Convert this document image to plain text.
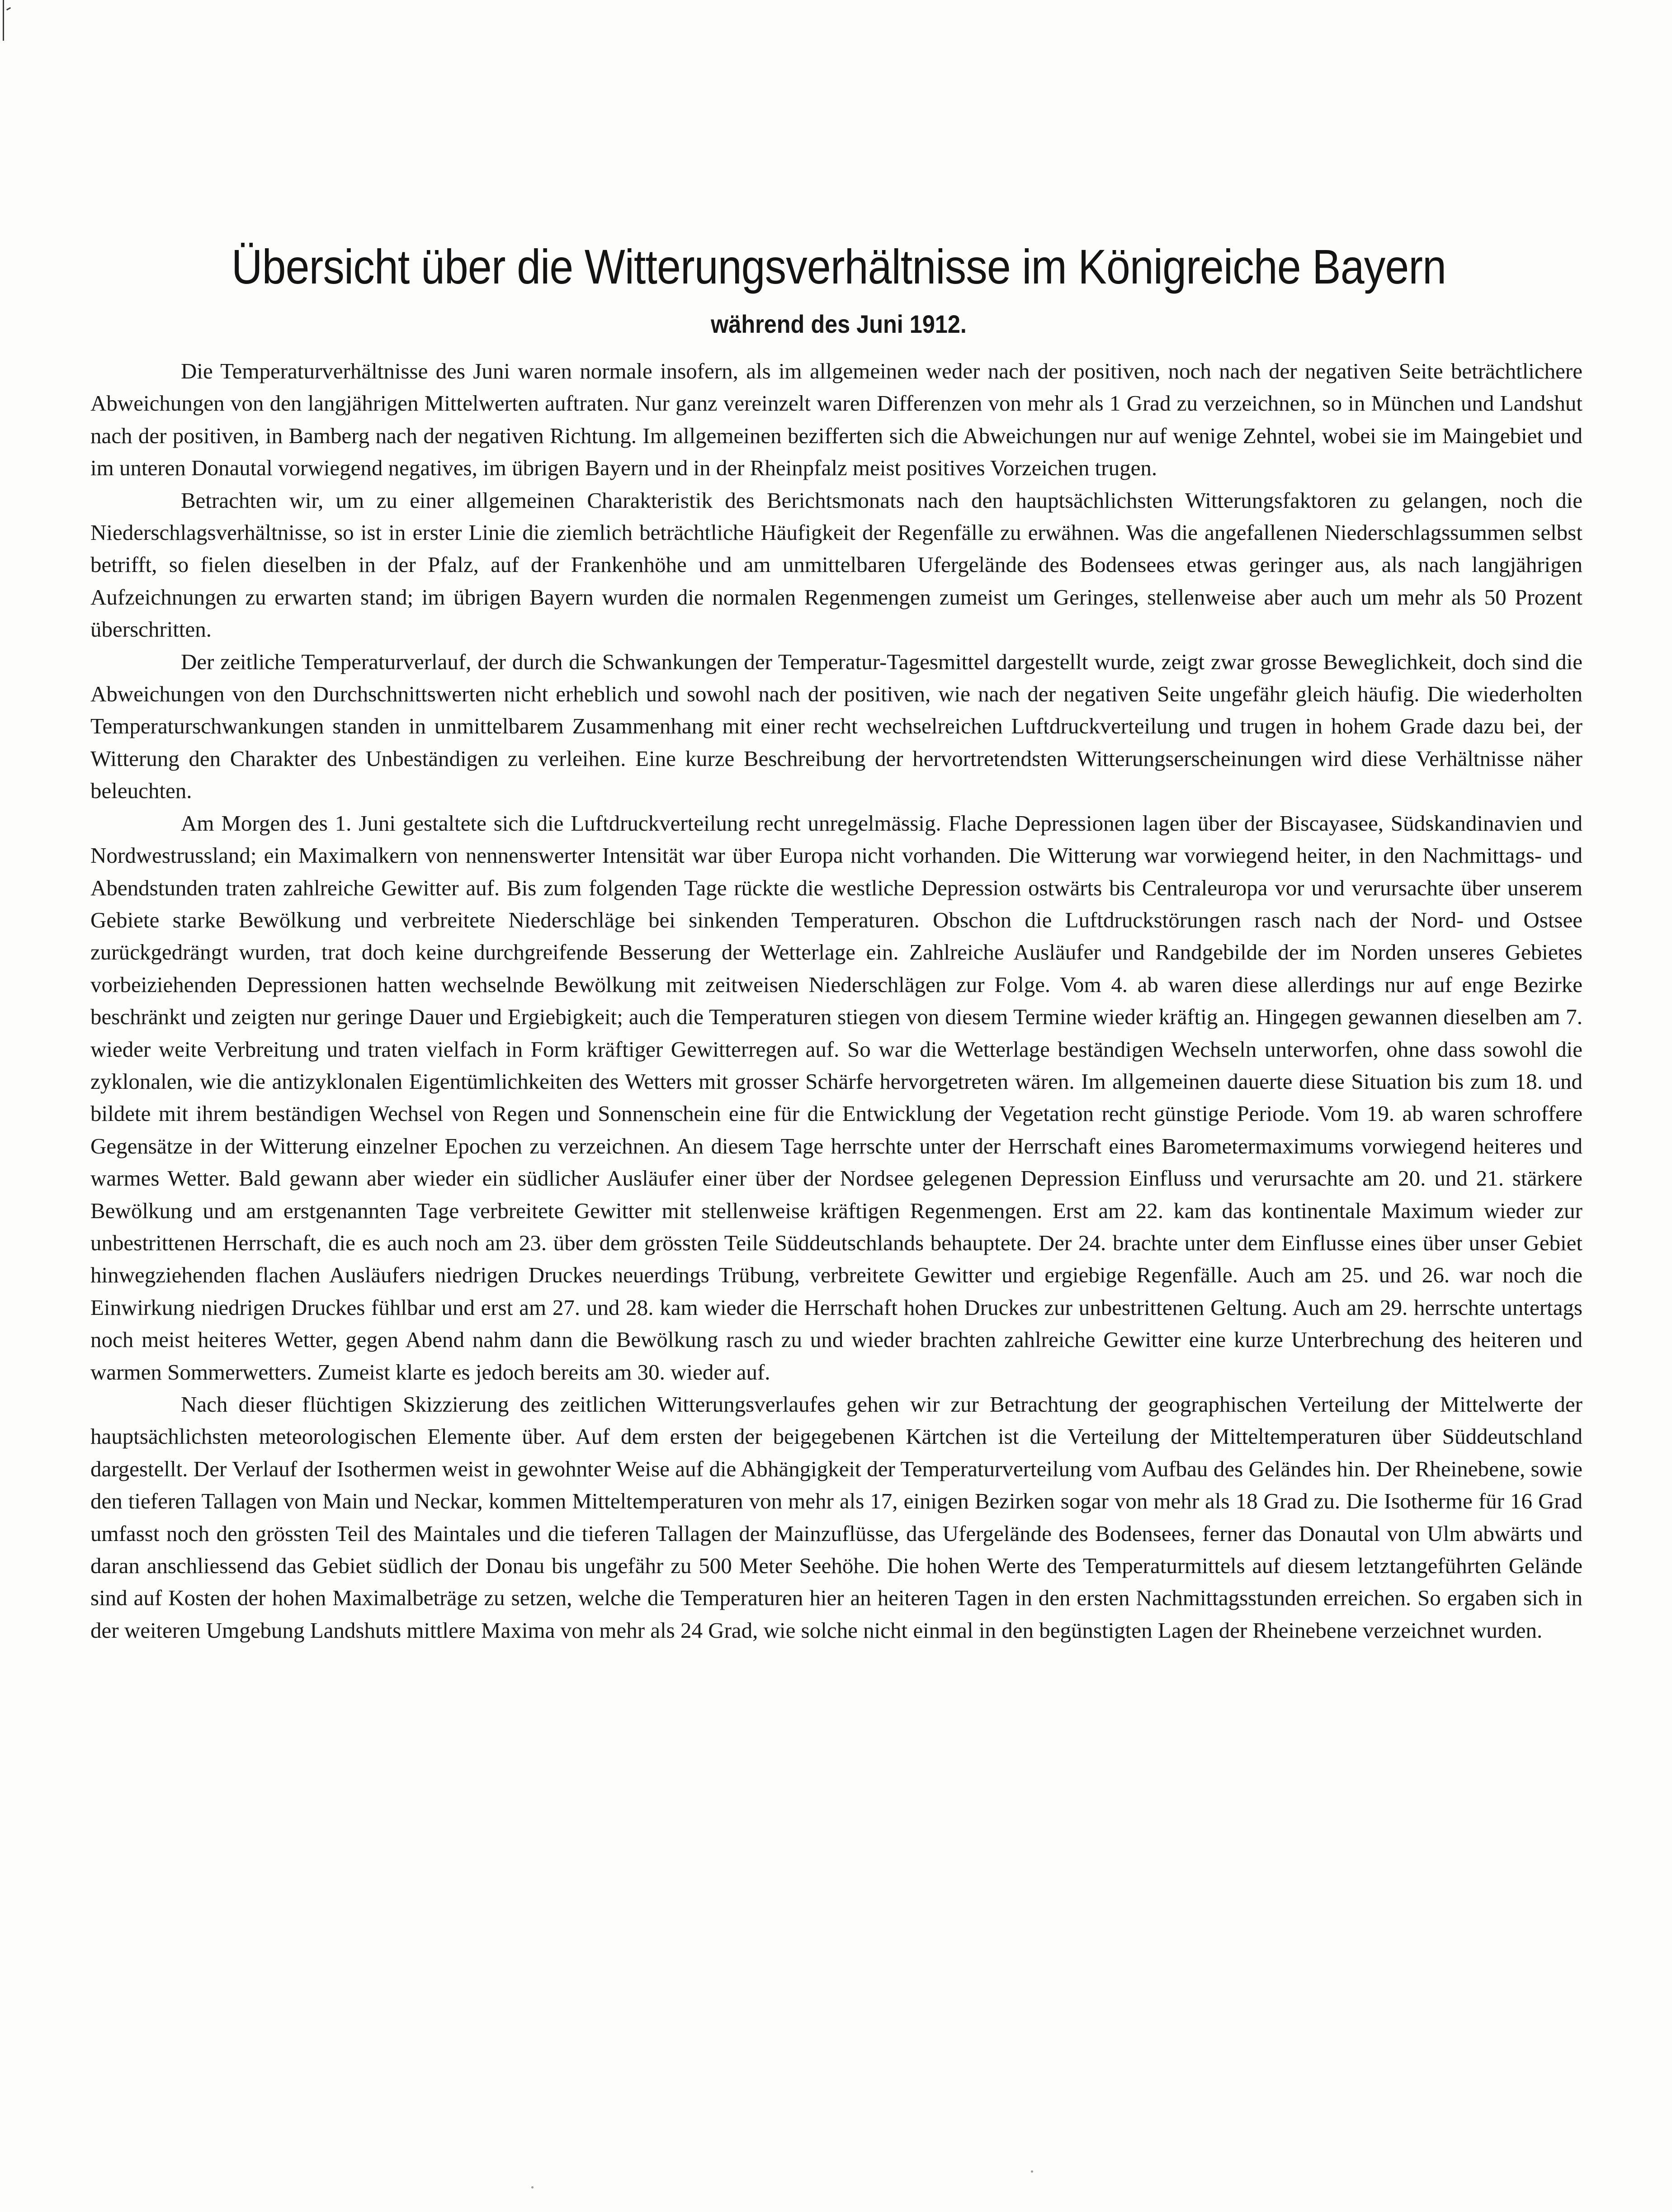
Übersicht über die Witterungsverhältnisse im Königreiche Bayern
während des Juni 1912.

Die Temperaturverhältnisse des Juni waren normale insofern, als im allgemeinen weder nach der positiven, noch nach der negativen Seite beträchtlichere Abweichungen von den langjährigen Mittelwerten auftraten. Nur ganz vereinzelt waren Differenzen von mehr als 1 Grad zu verzeichnen, so in München und Landshut nach der positiven, in Bamberg nach der negativen Richtung. Im allgemeinen bezifferten sich die Abweichungen nur auf wenige Zehntel, wobei sie im Maingebiet und im unteren Donautal vorwiegend negatives, im übrigen Bayern und in der Rheinpfalz meist positives Vorzeichen trugen.

Betrachten wir, um zu einer allgemeinen Charakteristik des Berichtsmonats nach den hauptsächlichsten Witterungsfaktoren zu gelangen, noch die Niederschlagsverhältnisse, so ist in erster Linie die ziemlich beträchtliche Häufigkeit der Regenfälle zu erwähnen. Was die angefallenen Niederschlagssummen selbst betrifft, so fielen dieselben in der Pfalz, auf der Frankenhöhe und am unmittelbaren Ufergelände des Bodensees etwas geringer aus, als nach langjährigen Aufzeichnungen zu erwarten stand; im übrigen Bayern wurden die normalen Regenmengen zumeist um Geringes, stellenweise aber auch um mehr als 50 Prozent überschritten.

Der zeitliche Temperaturverlauf, der durch die Schwankungen der Temperatur-Tagesmittel dargestellt wurde, zeigt zwar grosse Beweglichkeit, doch sind die Abweichungen von den Durchschnittswerten nicht erheblich und sowohl nach der positiven, wie nach der negativen Seite ungefähr gleich häufig. Die wiederholten Temperaturschwankungen standen in unmittelbarem Zusammenhang mit einer recht wechselreichen Luftdruckverteilung und trugen in hohem Grade dazu bei, der Witterung den Charakter des Unbeständigen zu verleihen. Eine kurze Beschreibung der hervortretendsten Witterungserscheinungen wird diese Verhältnisse näher beleuchten.

Am Morgen des 1. Juni gestaltete sich die Luftdruckverteilung recht unregelmässig. Flache Depressionen lagen über der Biscayasee, Südskandinavien und Nordwestrussland; ein Maximalkern von nennenswerter Intensität war über Europa nicht vorhanden. Die Witterung war vorwiegend heiter, in den Nachmittags- und Abendstunden traten zahlreiche Gewitter auf. Bis zum folgenden Tage rückte die westliche Depression ostwärts bis Centraleuropa vor und verursachte über unserem Gebiete starke Bewölkung und verbreitete Niederschläge bei sinkenden Temperaturen. Obschon die Luftdruckstörungen rasch nach der Nord- und Ostsee zurückgedrängt wurden, trat doch keine durchgreifende Besserung der Wetterlage ein. Zahlreiche Ausläufer und Randgebilde der im Norden unseres Gebietes vorbeiziehenden Depressionen hatten wechselnde Bewölkung mit zeitweisen Niederschlägen zur Folge. Vom 4. ab waren diese allerdings nur auf enge Bezirke beschränkt und zeigten nur geringe Dauer und Ergiebigkeit; auch die Temperaturen stiegen von diesem Termine wieder kräftig an. Hingegen gewannen dieselben am 7. wieder weite Verbreitung und traten vielfach in Form kräftiger Gewitterregen auf. So war die Wetterlage beständigen Wechseln unterworfen, ohne dass sowohl die zyklonalen, wie die antizyklonalen Eigentümlichkeiten des Wetters mit grosser Schärfe hervorgetreten wären. Im allgemeinen dauerte diese Situation bis zum 18. und bildete mit ihrem beständigen Wechsel von Regen und Sonnenschein eine für die Entwicklung der Vegetation recht günstige Periode. Vom 19. ab waren schroffere Gegensätze in der Witterung einzelner Epochen zu verzeichnen. An diesem Tage herrschte unter der Herrschaft eines Barometermaximums vorwiegend heiteres und warmes Wetter. Bald gewann aber wieder ein südlicher Ausläufer einer über der Nordsee gelegenen Depression Einfluss und verursachte am 20. und 21. stärkere Bewölkung und am erstgenannten Tage verbreitete Gewitter mit stellenweise kräftigen Regenmengen. Erst am 22. kam das kontinentale Maximum wieder zur unbestrittenen Herrschaft, die es auch noch am 23. über dem grössten Teile Süddeutschlands behauptete. Der 24. brachte unter dem Einflusse eines über unser Gebiet hinwegziehenden flachen Ausläufers niedrigen Druckes neuerdings Trübung, verbreitete Gewitter und ergiebige Regenfälle. Auch am 25. und 26. war noch die Einwirkung niedrigen Druckes fühlbar und erst am 27. und 28. kam wieder die Herrschaft hohen Druckes zur unbestrittenen Geltung. Auch am 29. herrschte untertags noch meist heiteres Wetter, gegen Abend nahm dann die Bewölkung rasch zu und wieder brachten zahlreiche Gewitter eine kurze Unterbrechung des heiteren und warmen Sommerwetters. Zumeist klarte es jedoch bereits am 30. wieder auf.

Nach dieser flüchtigen Skizzierung des zeitlichen Witterungsverlaufes gehen wir zur Betrachtung der geographischen Verteilung der Mittelwerte der hauptsächlichsten meteorologischen Elemente über. Auf dem ersten der beigegebenen Kärtchen ist die Verteilung der Mitteltemperaturen über Süddeutschland dargestellt. Der Verlauf der Isothermen weist in gewohnter Weise auf die Abhängigkeit der Temperaturverteilung vom Aufbau des Geländes hin. Der Rheinebene, sowie den tieferen Tallagen von Main und Neckar, kommen Mitteltemperaturen von mehr als 17, einigen Bezirken sogar von mehr als 18 Grad zu. Die Isotherme für 16 Grad umfasst noch den grössten Teil des Maintales und die tieferen Tallagen der Mainzuflüsse, das Ufergelände des Bodensees, ferner das Donautal von Ulm abwärts und daran anschliessend das Gebiet südlich der Donau bis ungefähr zu 500 Meter Seehöhe. Die hohen Werte des Temperaturmittels auf diesem letztangeführten Gelände sind auf Kosten der hohen Maximalbeträge zu setzen, welche die Temperaturen hier an heiteren Tagen in den ersten Nachmittagsstunden erreichen. So ergaben sich in der weiteren Umgebung Landshuts mittlere Maxima von mehr als 24 Grad, wie solche nicht einmal in den begünstigten Lagen der Rheinebene verzeichnet wurden.
